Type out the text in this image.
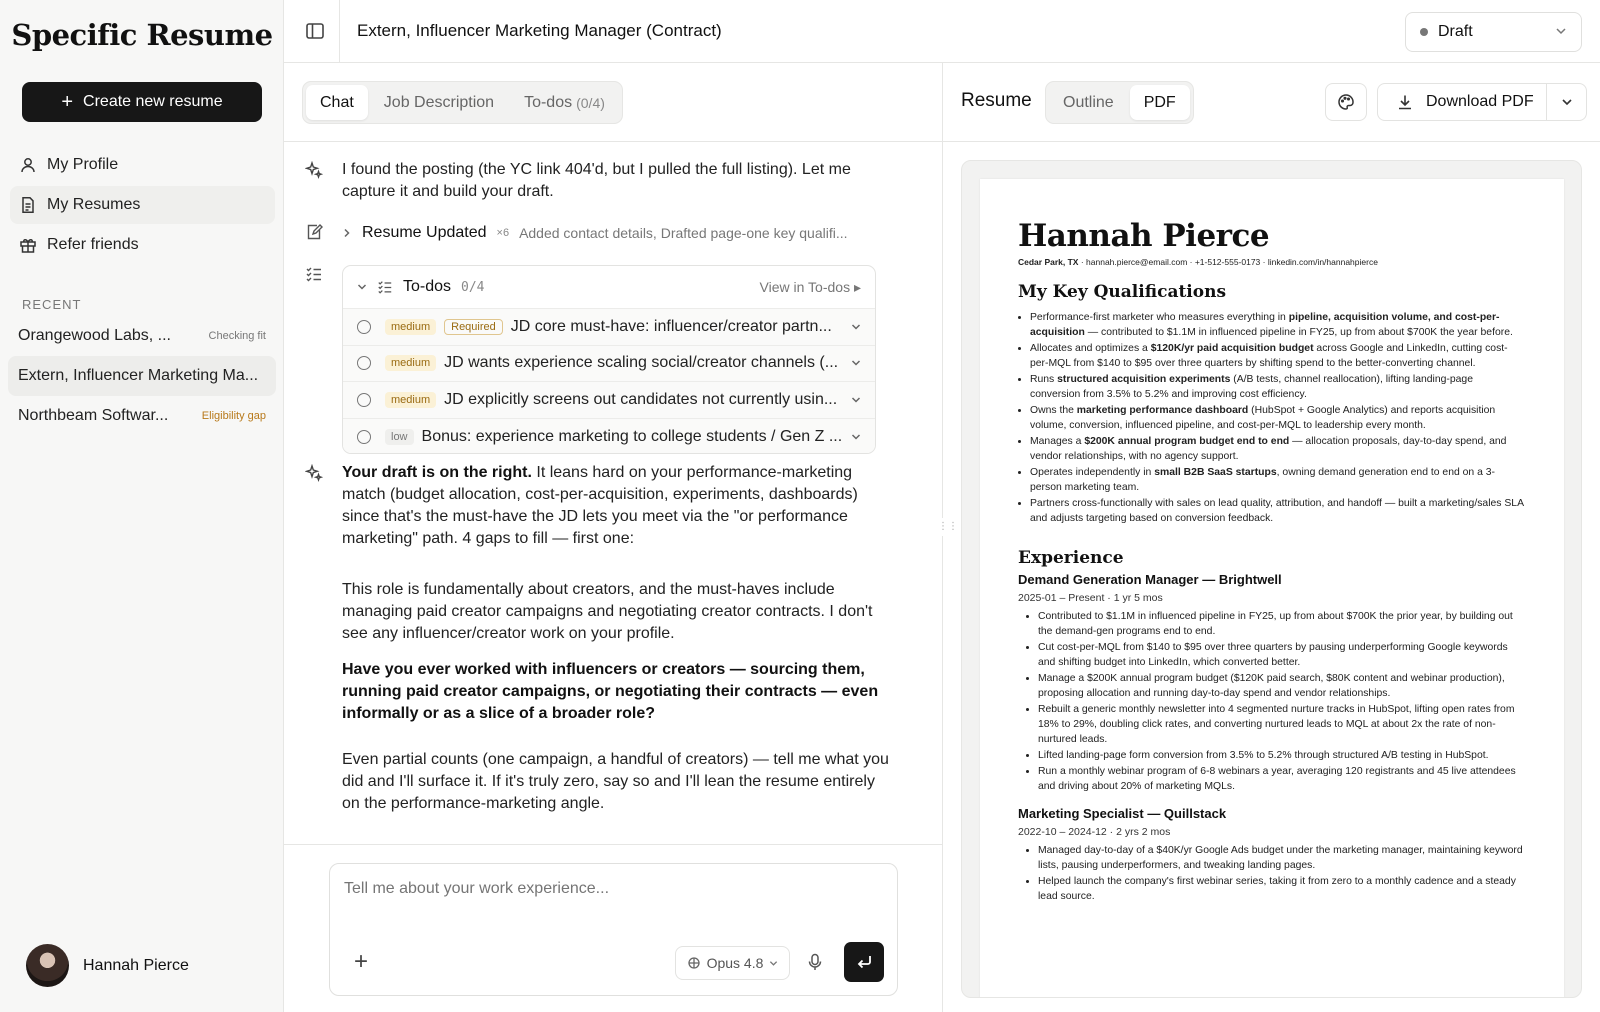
Specific Resume
+ Create new resume
My Profile
My Resumes
Refer friends
RECENT
Orangewood Labs, ...	Checking fit
Extern, Influencer Marketing Ma...
Northbeam Softwar...	Eligibility gap
Hannah Pierce
Extern, Influencer Marketing Manager (Contract)	Draft
Chat Job Description To-dos (0/4)
I found the posting (the YC link 404'd, but I pulled the full listing). Let me capture it and build your draft.
Resume Updated ×6 Added contact details, Drafted page-one key qualifi...
To-dos 0/4	View in To-dos ▸
medium	Required JD core must-have: influencer/creator partn...
medium JD wants experience scaling social/creator channels (...
medium JD explicitly screens out candidates not currently usin...
low Bonus: experience marketing to college students / Gen Z ...
Your draft is on the right. It leans hard on your performance-marketing match (budget allocation, cost-per-acquisition, experiments, dashboards) since that's the must-have the JD lets you meet via the "or performance marketing" path. 4 gaps to fill — first one:
This role is fundamentally about creators, and the must-haves include managing paid creator campaigns and negotiating creator contracts. I don't see any influencer/creator work on your profile.
Have you ever worked with influencers or creators — sourcing them, running paid creator campaigns, or negotiating their contracts — even informally or as a slice of a broader role?
Even partial counts (one campaign, a handful of creators) — tell me what you did and I'll surface it. If it's truly zero, say so and I'll lean the resume entirely on the performance-marketing angle.
Tell me about your work experience...
+	Opus 4.8
⋮⋮
Resume Outline PDF	Download PDF
Hannah Pierce
Cedar Park, TX · hannah.pierce@email.com · +1-512-555-0173 · linkedin.com/in/hannahpierce
My Key Qualifications
• Performance-first marketer who measures everything in pipeline, acquisition volume, and cost-per-acquisition — contributed to $1.1M in influenced pipeline in FY25, up from about $700K the year before.
• Allocates and optimizes a $120K/yr paid acquisition budget across Google and LinkedIn, cutting cost-per-MQL from $140 to $95 over three quarters by shifting spend to the better-converting channel.
• Runs structured acquisition experiments (A/B tests, channel reallocation), lifting landing-page conversion from 3.5% to 5.2% and improving cost efficiency.
• Owns the marketing performance dashboard (HubSpot + Google Analytics) and reports acquisition volume, conversion, influenced pipeline, and cost-per-MQL to leadership every month.
• Manages a $200K annual program budget end to end — allocation proposals, day-to-day spend, and vendor relationships, with no agency support.
• Operates independently in small B2B SaaS startups, owning demand generation end to end on a 3-person marketing team.
• Partners cross-functionally with sales on lead quality, attribution, and handoff — built a marketing/sales SLA and adjusts targeting based on conversion feedback.
Experience
Demand Generation Manager — Brightwell
2025-01 – Present · 1 yr 5 mos
• Contributed to $1.1M in influenced pipeline in FY25, up from about $700K the prior year, by building out the demand-gen programs end to end.
• Cut cost-per-MQL from $140 to $95 over three quarters by pausing underperforming Google keywords and shifting budget into LinkedIn, which converted better.
• Manage a $200K annual program budget ($120K paid search, $80K content and webinar production), proposing allocation and running day-to-day spend and vendor relationships.
• Rebuilt a generic monthly newsletter into 4 segmented nurture tracks in HubSpot, lifting open rates from 18% to 29%, doubling click rates, and converting nurtured leads to MQL at about 2x the rate of non-nurtured leads.
• Lifted landing-page form conversion from 3.5% to 5.2% through structured A/B testing in HubSpot.
• Run a monthly webinar program of 6-8 webinars a year, averaging 120 registrants and 45 live attendees and driving about 20% of marketing MQLs.
Marketing Specialist — Quillstack
2022-10 – 2024-12 · 2 yrs 2 mos
• Managed day-to-day of a $40K/yr Google Ads budget under the marketing manager, maintaining keyword lists, pausing underperformers, and tweaking landing pages.
• Helped launch the company's first webinar series, taking it from zero to a monthly cadence and a steady lead source.
